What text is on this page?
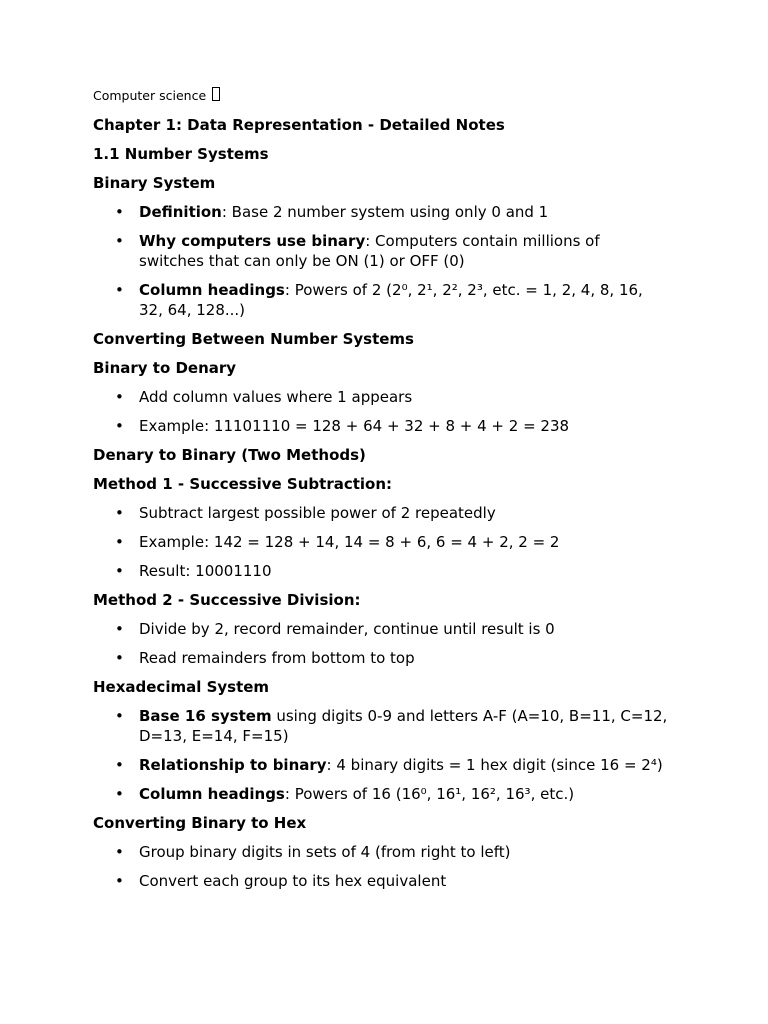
Computer science
Chapter 1: Data Representation - Detailed Notes
1.1 Number Systems
Binary System
• Definition: Base 2 number system using only 0 and 1
• Why computers use binary: Computers contain millions of switches that can only be ON (1) or OFF (0)
• Column headings: Powers of 2 (2⁰, 2¹, 2², 2³, etc. = 1, 2, 4, 8, 16, 32, 64, 128...)
Converting Between Number Systems
Binary to Denary
• Add column values where 1 appears
• Example: 11101110 = 128 + 64 + 32 + 8 + 4 + 2 = 238
Denary to Binary (Two Methods)
Method 1 - Successive Subtraction:
• Subtract largest possible power of 2 repeatedly
• Example: 142 = 128 + 14, 14 = 8 + 6, 6 = 4 + 2, 2 = 2
• Result: 10001110
Method 2 - Successive Division:
• Divide by 2, record remainder, continue until result is 0
• Read remainders from bottom to top
Hexadecimal System
• Base 16 system using digits 0-9 and letters A-F (A=10, B=11, C=12, D=13, E=14, F=15)
• Relationship to binary: 4 binary digits = 1 hex digit (since 16 = 2⁴)
• Column headings: Powers of 16 (16⁰, 16¹, 16², 16³, etc.)
Converting Binary to Hex
• Group binary digits in sets of 4 (from right to left)
• Convert each group to its hex equivalent
